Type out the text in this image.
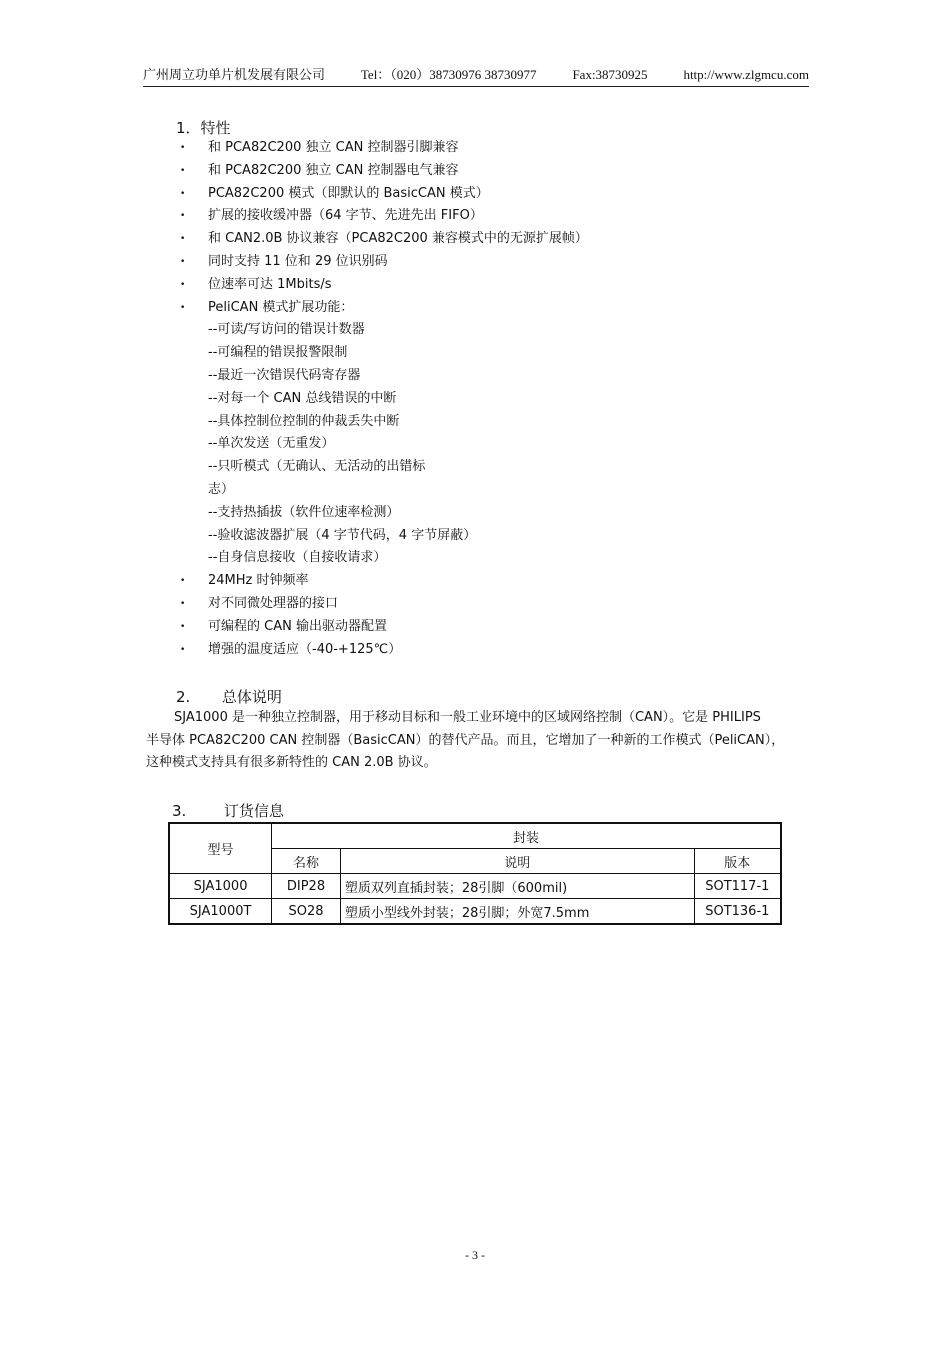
广州周立功单片机发展有限公司	Tel：（020）38730976 38730977	Fax:38730925	http://www.zlgmcu.com
1．特性
• 和 PCA82C200 独立 CAN 控制器引脚兼容
• 和 PCA82C200 独立 CAN 控制器电气兼容
• PCA82C200 模式（即默认的 BasicCAN 模式）
• 扩展的接收缓冲器（64 字节、先进先出 FIFO）
• 和 CAN2.0B 协议兼容（PCA82C200 兼容模式中的无源扩展帧）
• 同时支持 11 位和 29 位识别码
• 位速率可达 1Mbits/s
• PeliCAN 模式扩展功能：
--可读/写访问的错误计数器
--可编程的错误报警限制
--最近一次错误代码寄存器
--对每一个 CAN 总线错误的中断
--具体控制位控制的仲裁丢失中断
--单次发送（无重发）
--只听模式（无确认、无活动的出错标
志）
--支持热插拔（软件位速率检测）
--验收滤波器扩展（4 字节代码，4 字节屏蔽）
--自身信息接收（自接收请求）
• 24MHz 时钟频率
• 对不同微处理器的接口
• 可编程的 CAN 输出驱动器配置
• 增强的温度适应（-40-+125℃）
2. 总体说明

SJA1000 是一种独立控制器，用于移动目标和一般工业环境中的区域网络控制（CAN）。它是 PHILIPS

半导体 PCA82C200 CAN 控制器（BasicCAN）的替代产品。而且，它增加了一种新的工作模式（PeliCAN），

这种模式支持具有很多新特性的 CAN 2.0B 协议。

3.	订货信息
型号	封装		
	名称	说明	版本
SJA1000	DIP28	塑质双列直插封装；28引脚（600mil)	SOT117-1
SJA1000T	SO28	塑质小型线外封装；28引脚；外宽7.5mm	SOT136-1
- 3 -
